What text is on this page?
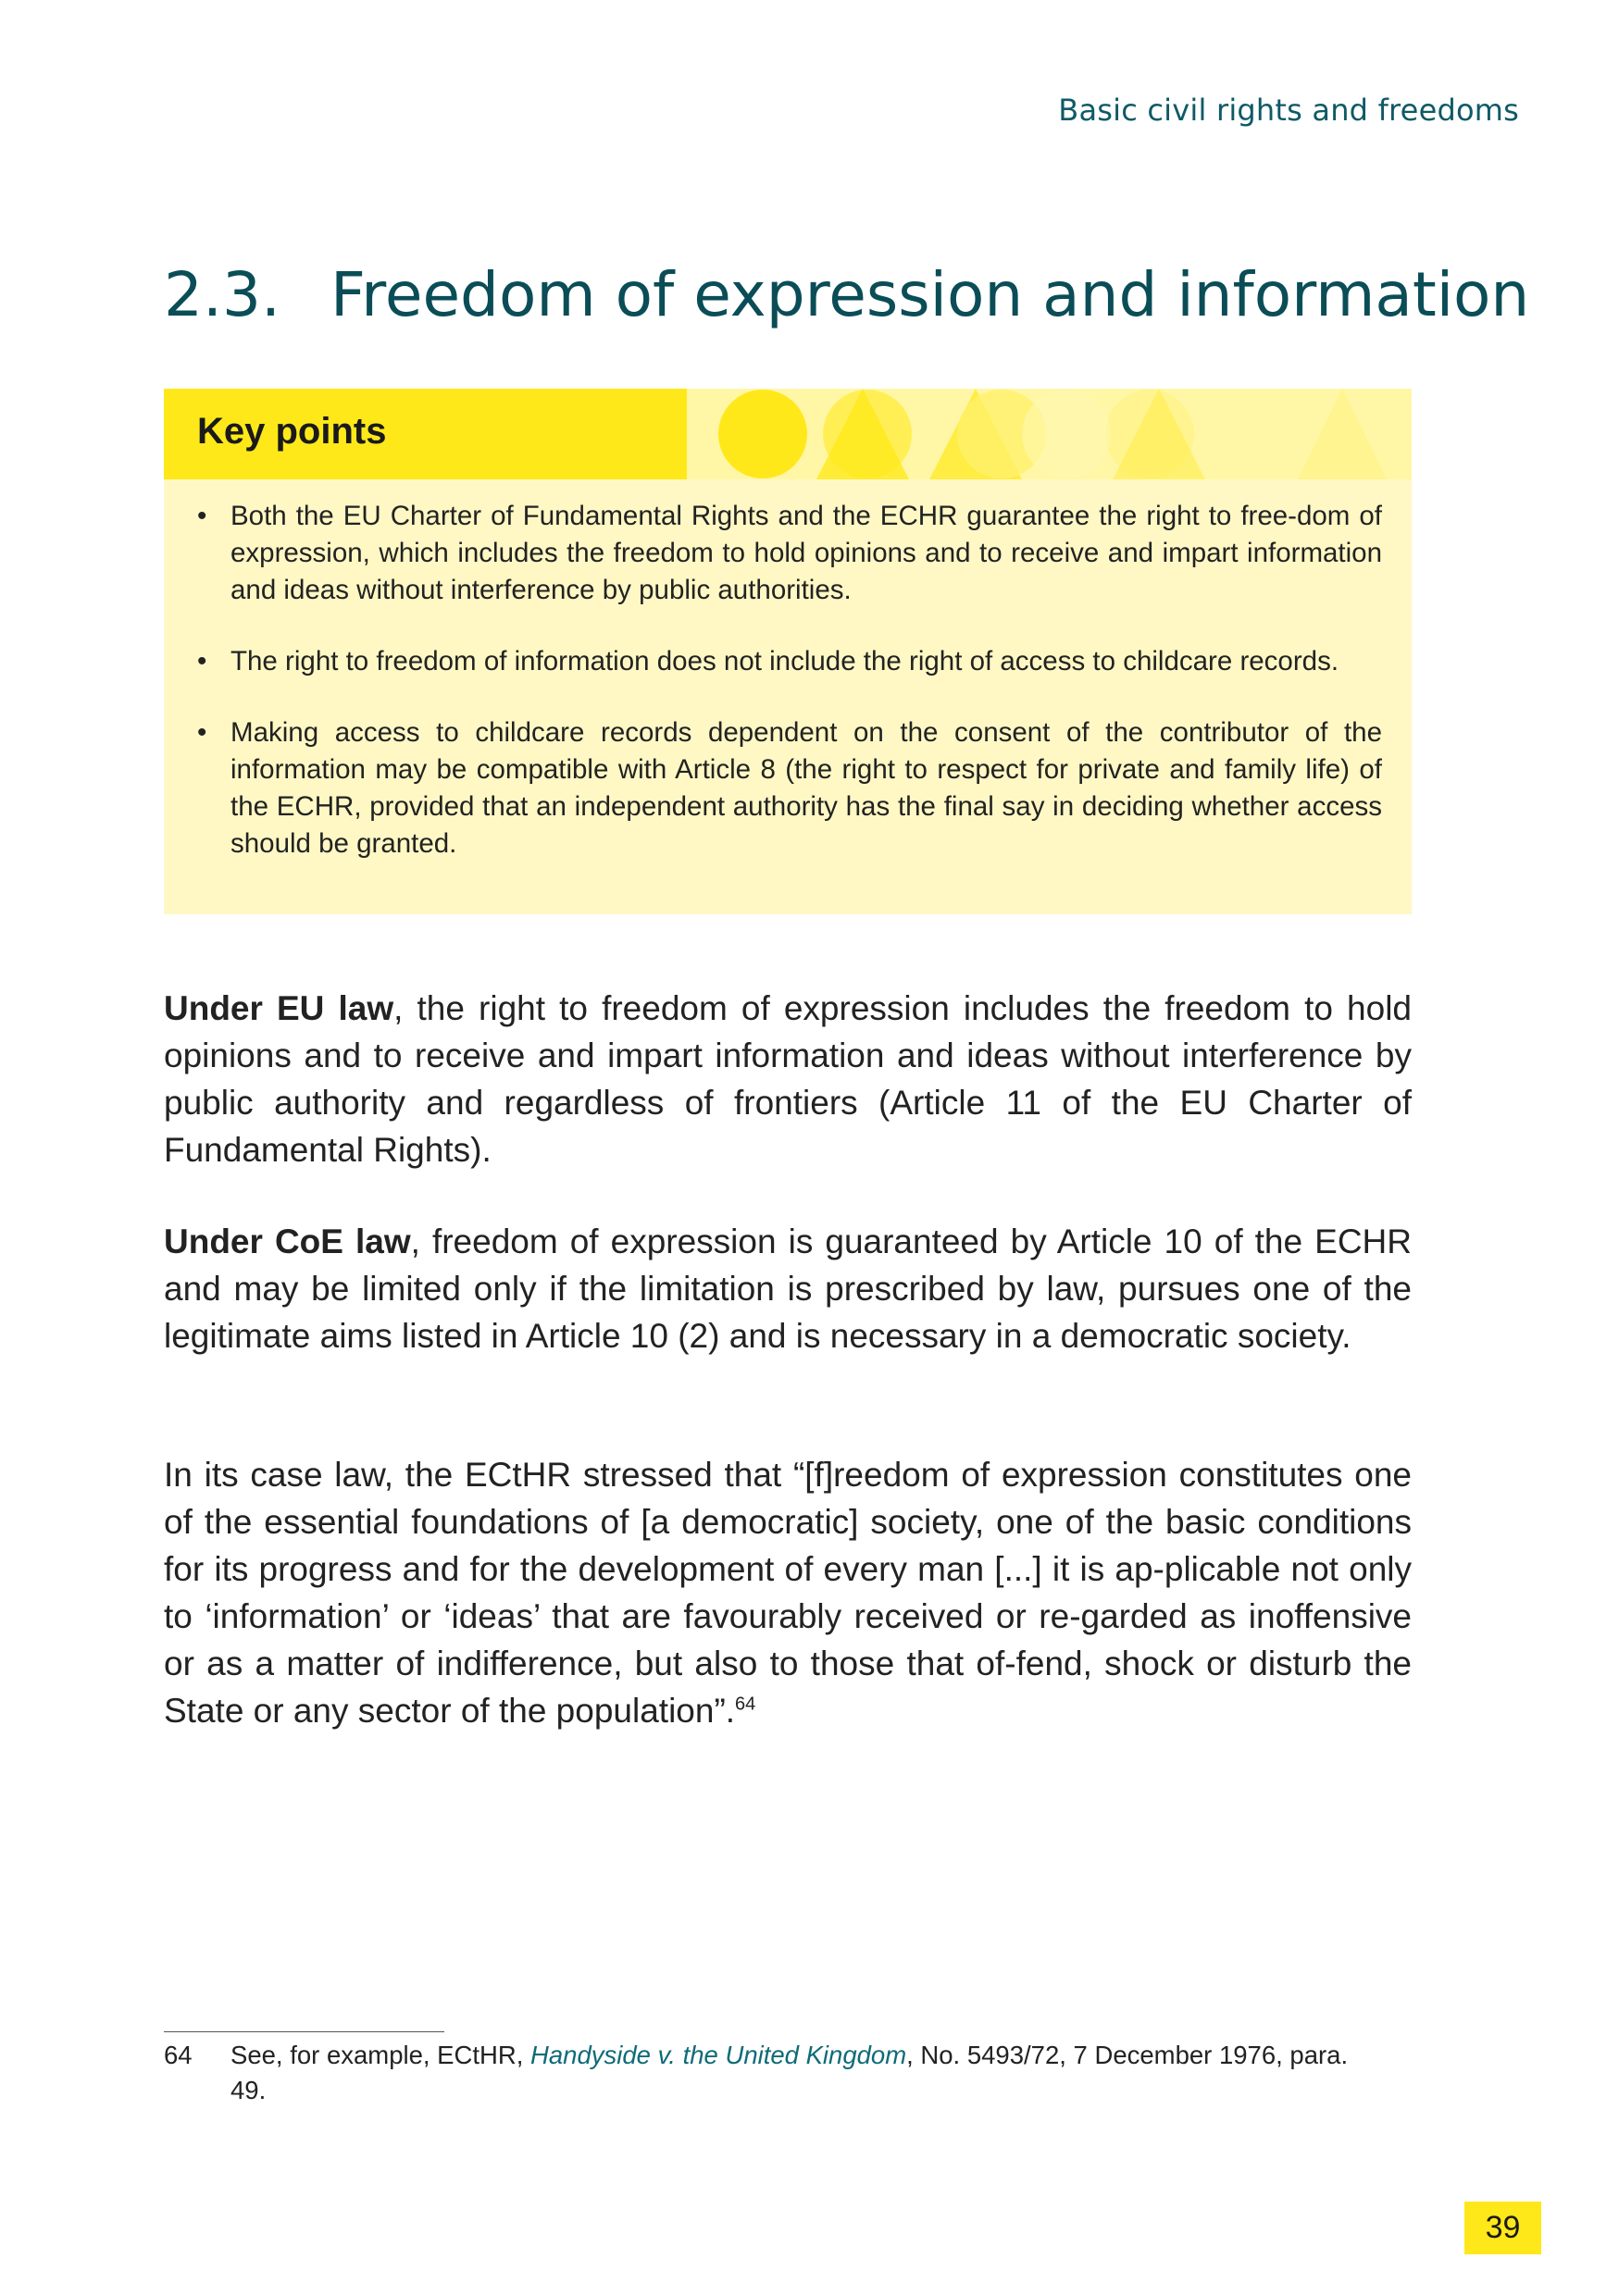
Basic civil rights and freedoms
2.3. Freedom of expression and information
Key points
• Both the EU Charter of Fundamental Rights and the ECHR guarantee the right to free-dom of expression, which includes the freedom to hold opinions and to receive and impart information and ideas without interference by public authorities.
• The right to freedom of information does not include the right of access to childcare records.
• Making access to childcare records dependent on the consent of the contributor of the information may be compatible with Article 8 (the right to respect for private and family life) of the ECHR, provided that an independent authority has the final say in deciding whether access should be granted.

Under EU law, the right to freedom of expression includes the freedom to hold opinions and to receive and impart information and ideas without interference by public authority and regardless of frontiers (Article 11 of the EU Charter of Fundamental Rights).

Under CoE law, freedom of expression is guaranteed by Article 10 of the ECHR and may be limited only if the limitation is prescribed by law, pursues one of the legitimate aims listed in Article 10 (2) and is necessary in a democratic society.

In its case law, the ECtHR stressed that “[f]reedom of expression constitutes one of the essential foundations of [a democratic] society, one of the basic conditions for its progress and for the development of every man [...] it is ap-plicable not only to ‘information’ or ‘ideas’ that are favourably received or re-garded as inoffensive or as a matter of indifference, but also to those that of-fend, shock or disturb the State or any sector of the population”.$^{64}$

64 See, for example, ECtHR, Handyside v. the United Kingdom, No. 5493/72, 7 December 1976, para. 49.
39
